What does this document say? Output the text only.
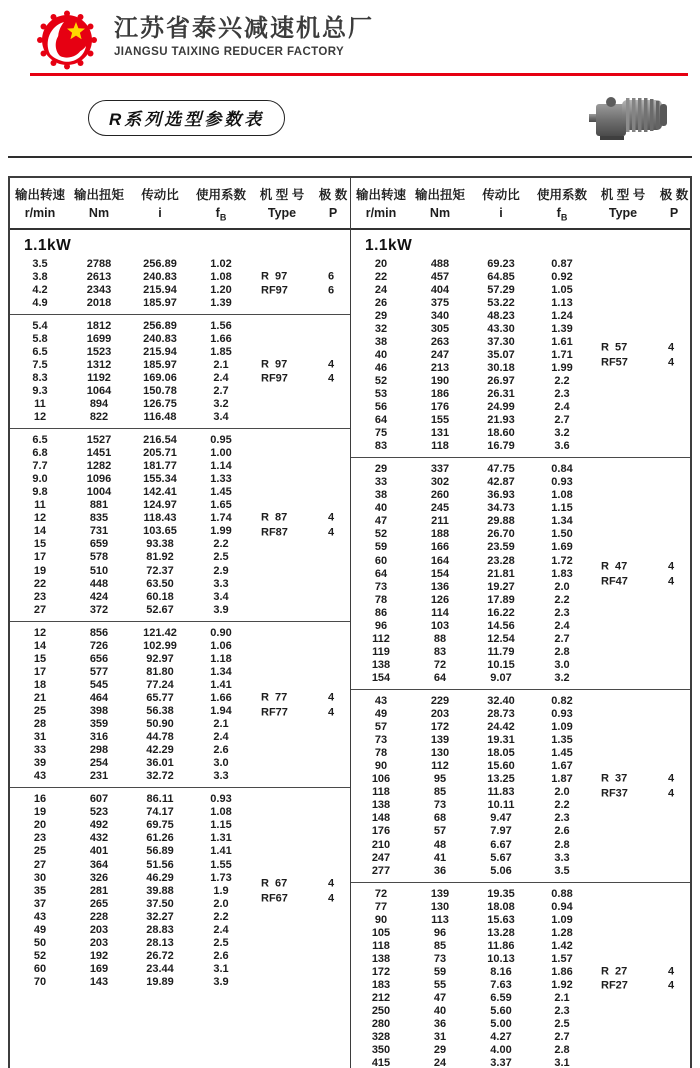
江苏省泰兴减速机总厂
JIANGSU TAIXING REDUCER FACTORY
R系列选型参数表
输出转速 输出扭矩	传动比	使用系数	机 型 号	极 数
r/min	Nm	i	$f_B$	Type	P
1.1kW
3.5	2788	256.89	1.02
3.8	2613	240.83	1.08
4.2	2343	215.94	1.20
4.9	2018	185.97	1.39
R  97	6
RF97	6
5.4	1812	256.89	1.56
5.8	1699	240.83	1.66
6.5	1523	215.94	1.85
7.5	1312	185.97	2.1
8.3	1192	169.06	2.4
9.3	1064	150.78	2.7
11	894	126.75	3.2
12	822	116.48	3.4
R  97	4
RF97	4
6.5	1527	216.54	0.95
6.8	1451	205.71	1.00
7.7	1282	181.77	1.14
9.0	1096	155.34	1.33
9.8	1004	142.41	1.45
11	881	124.97	1.65
12	835	118.43	1.74
14	731	103.65	1.99
15	659	93.38	2.2
17	578	81.92	2.5
19	510	72.37	2.9
22	448	63.50	3.3
23	424	60.18	3.4
27	372	52.67	3.9
R  87	4
RF87	4
12	856	121.42	0.90
14	726	102.99	1.06
15	656	92.97	1.18
17	577	81.80	1.34
18	545	77.24	1.41
21	464	65.77	1.66
25	398	56.38	1.94
28	359	50.90	2.1
31	316	44.78	2.4
33	298	42.29	2.6
39	254	36.01	3.0
43	231	32.72	3.3
R  77	4
RF77	4
16	607	86.11	0.93
19	523	74.17	1.08
20	492	69.75	1.15
23	432	61.26	1.31
25	401	56.89	1.41
27	364	51.56	1.55
30	326	46.29	1.73
35	281	39.88	1.9
37	265	37.50	2.0
43	228	32.27	2.2
49	203	28.83	2.4
50	203	28.13	2.5
52	192	26.72	2.6
60	169	23.44	3.1
70	143	19.89	3.9
R  67	4
RF67	4
输出转速 输出扭矩	传动比	使用系数	机 型 号	极 数
r/min	Nm	i	$f_B$	Type	P
1.1kW
20	488	69.23	0.87
22	457	64.85	0.92
24	404	57.29	1.05
26	375	53.22	1.13
29	340	48.23	1.24
32	305	43.30	1.39
38	263	37.30	1.61
40	247	35.07	1.71
46	213	30.18	1.99
52	190	26.97	2.2
53	186	26.31	2.3
56	176	24.99	2.4
64	155	21.93	2.7
75	131	18.60	3.2
83	118	16.79	3.6
R  57	4
RF57	4
29	337	47.75	0.84
33	302	42.87	0.93
38	260	36.93	1.08
40	245	34.73	1.15
47	211	29.88	1.34
52	188	26.70	1.50
59	166	23.59	1.69
60	164	23.28	1.72
64	154	21.81	1.83
73	136	19.27	2.0
78	126	17.89	2.2
86	114	16.22	2.3
96	103	14.56	2.4
112	88	12.54	2.7
119	83	11.79	2.8
138	72	10.15	3.0
154	64	9.07	3.2
R  47	4
RF47	4
43	229	32.40	0.82
49	203	28.73	0.93
57	172	24.42	1.09
73	139	19.31	1.35
78	130	18.05	1.45
90	112	15.60	1.67
106	95	13.25	1.87
118	85	11.83	2.0
138	73	10.11	2.2
148	68	9.47	2.3
176	57	7.97	2.6
210	48	6.67	2.8
247	41	5.67	3.3
277	36	5.06	3.5
R  37	4
RF37	4
72	139	19.35	0.88
77	130	18.08	0.94
90	113	15.63	1.09
105	96	13.28	1.28
118	85	11.86	1.42
138	73	10.13	1.57
172	59	8.16	1.86
183	55	7.63	1.92
212	47	6.59	2.1
250	40	5.60	2.3
280	36	5.00	2.5
328	31	4.27	2.7
350	29	4.00	2.8
415	24	3.37	3.1
R  27	4
RF27	4
